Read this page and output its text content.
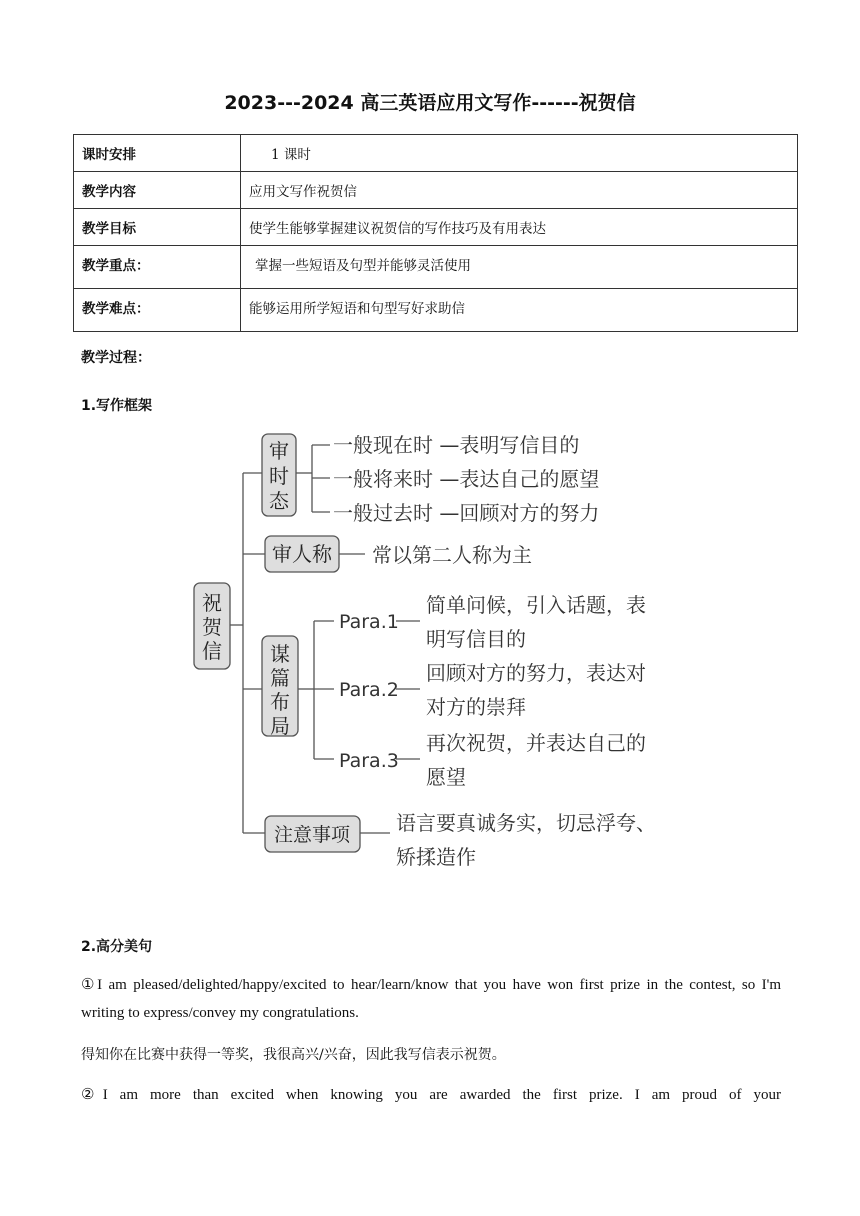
2023---2024 高三英语应用文写作------祝贺信
课时安排	1 课时
教学内容	应用文写作祝贺信
教学目标	使学生能够掌握建议祝贺信的写作技巧及有用表达
教学重点：	掌握一些短语及句型并能够灵活使用
教学难点：	能够运用所学短语和句型写好求助信
教学过程：
1.写作框架
祝贺信
审时态
审人称
谋篇布局
注意事项
一般现在时 —表明写信目的
一般将来时 —表达自己的愿望
一般过去时 —回顾对方的努力
常以第二人称为主
Para.1
Para.2
Para.3
简单问候，引入话题，表
明写信目的
回顾对方的努力，表达对
对方的崇拜
再次祝贺，并表达自己的
愿望
语言要真诚务实，切忌浮夸、
矫揉造作
2.高分美句
①I am pleased/delighted/happy/excited to hear/learn/know that you have won first prize in the contest, so I'm writing to express/convey my congratulations.
得知你在比赛中获得一等奖，我很高兴/兴奋，因此我写信表示祝贺。
②I am more than excited when knowing you are awarded the first prize. I am proud of your
